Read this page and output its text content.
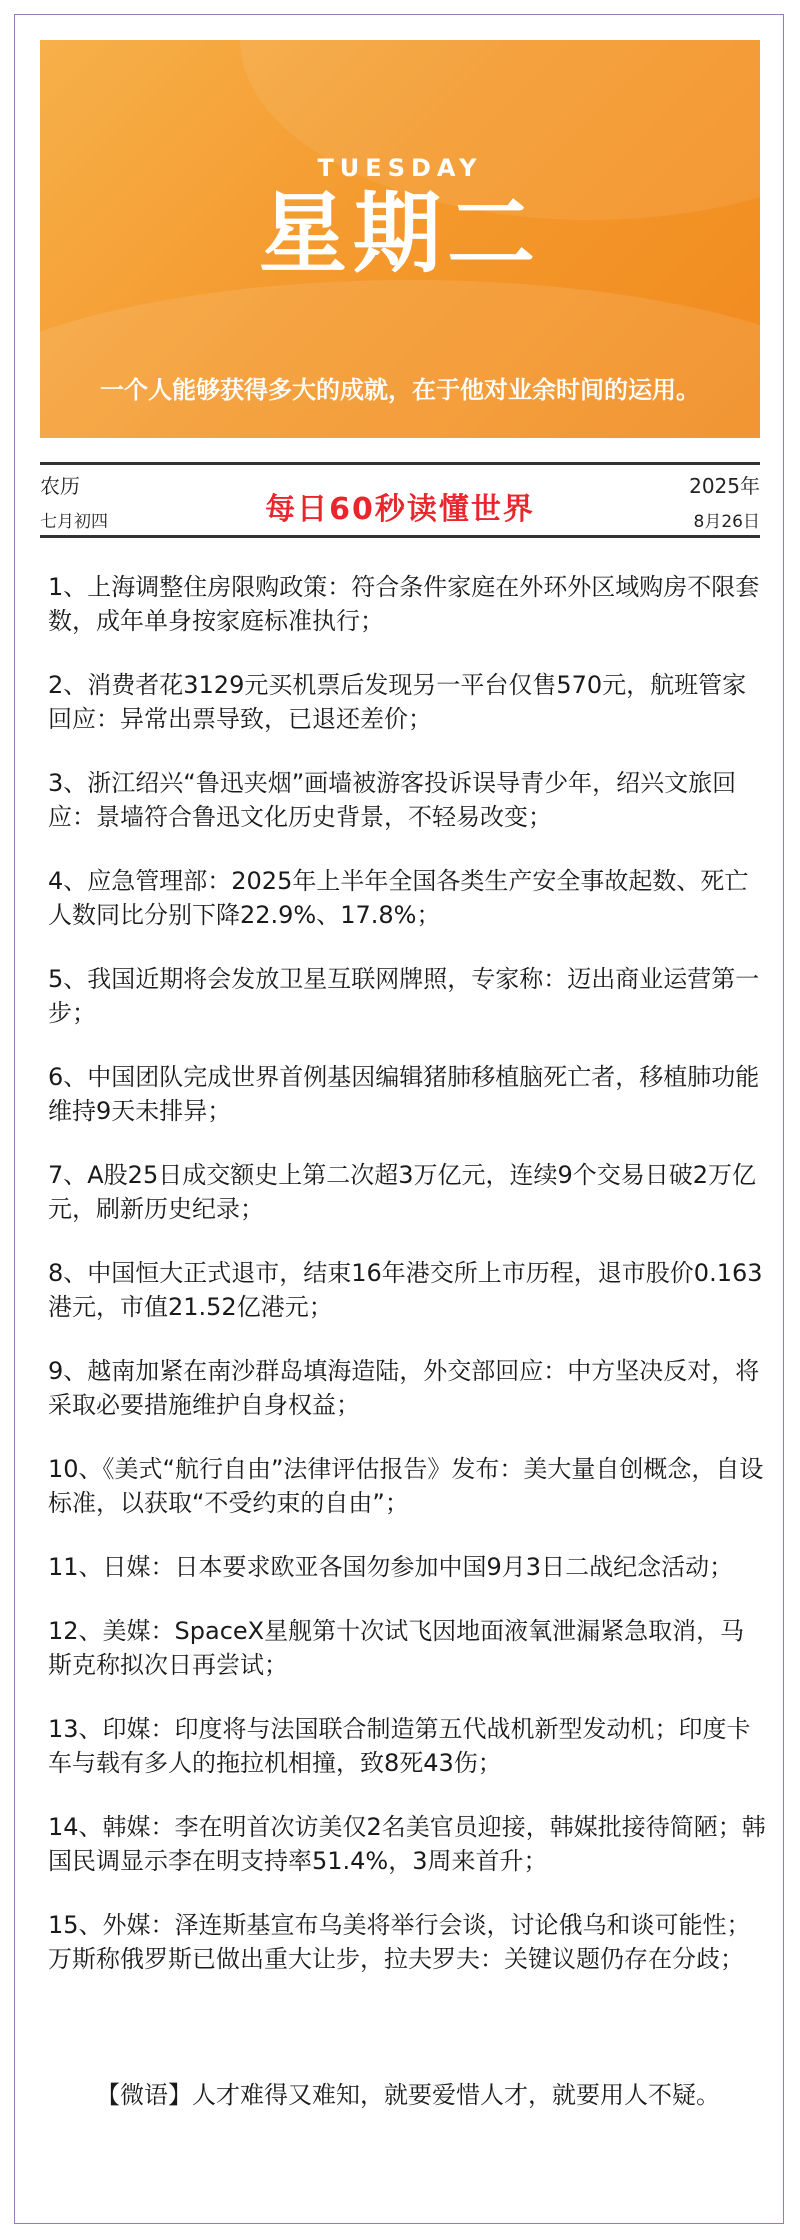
TUESDAY
星期二
一个人能够获得多大的成就，在于他对业余时间的运用。
农历
七月初四	每日60秒读懂世界
2025年
8月26日
1、上海调整住房限购政策：符合条件家庭在外环外区域购房不限套数，成年单身按家庭标准执行；
2、消费者花3129元买机票后发现另一平台仅售570元，航班管家回应：异常出票导致，已退还差价；
3、浙江绍兴“鲁迅夹烟”画墙被游客投诉误导青少年，绍兴文旅回应：景墙符合鲁迅文化历史背景，不轻易改变；
4、应急管理部：2025年上半年全国各类生产安全事故起数、死亡人数同比分别下降22.9%、17.8%；
5、我国近期将会发放卫星互联网牌照，专家称：迈出商业运营第一步；
6、中国团队完成世界首例基因编辑猪肺移植脑死亡者，移植肺功能维持9天未排异；
7、A股25日成交额史上第二次超3万亿元，连续9个交易日破2万亿元，刷新历史纪录；
8、中国恒大正式退市，结束16年港交所上市历程，退市股价0.163港元，市值21.52亿港元；
9、越南加紧在南沙群岛填海造陆，外交部回应：中方坚决反对，将采取必要措施维护自身权益；
10、《美式“航行自由”法律评估报告》发布：美大量自创概念，自设标准，以获取“不受约束的自由”；
11、日媒：日本要求欧亚各国勿参加中国9月3日二战纪念活动；
12、美媒：SpaceX星舰第十次试飞因地面液氧泄漏紧急取消，马斯克称拟次日再尝试；
13、印媒：印度将与法国联合制造第五代战机新型发动机；印度卡车与载有多人的拖拉机相撞，致8死43伤；
14、韩媒：李在明首次访美仅2名美官员迎接，韩媒批接待简陋；韩国民调显示李在明支持率51.4%，3周来首升；
15、外媒：泽连斯基宣布乌美将举行会谈，讨论俄乌和谈可能性；万斯称俄罗斯已做出重大让步，拉夫罗夫：关键议题仍存在分歧；
【微语】人才难得又难知，就要爱惜人才，就要用人不疑。
